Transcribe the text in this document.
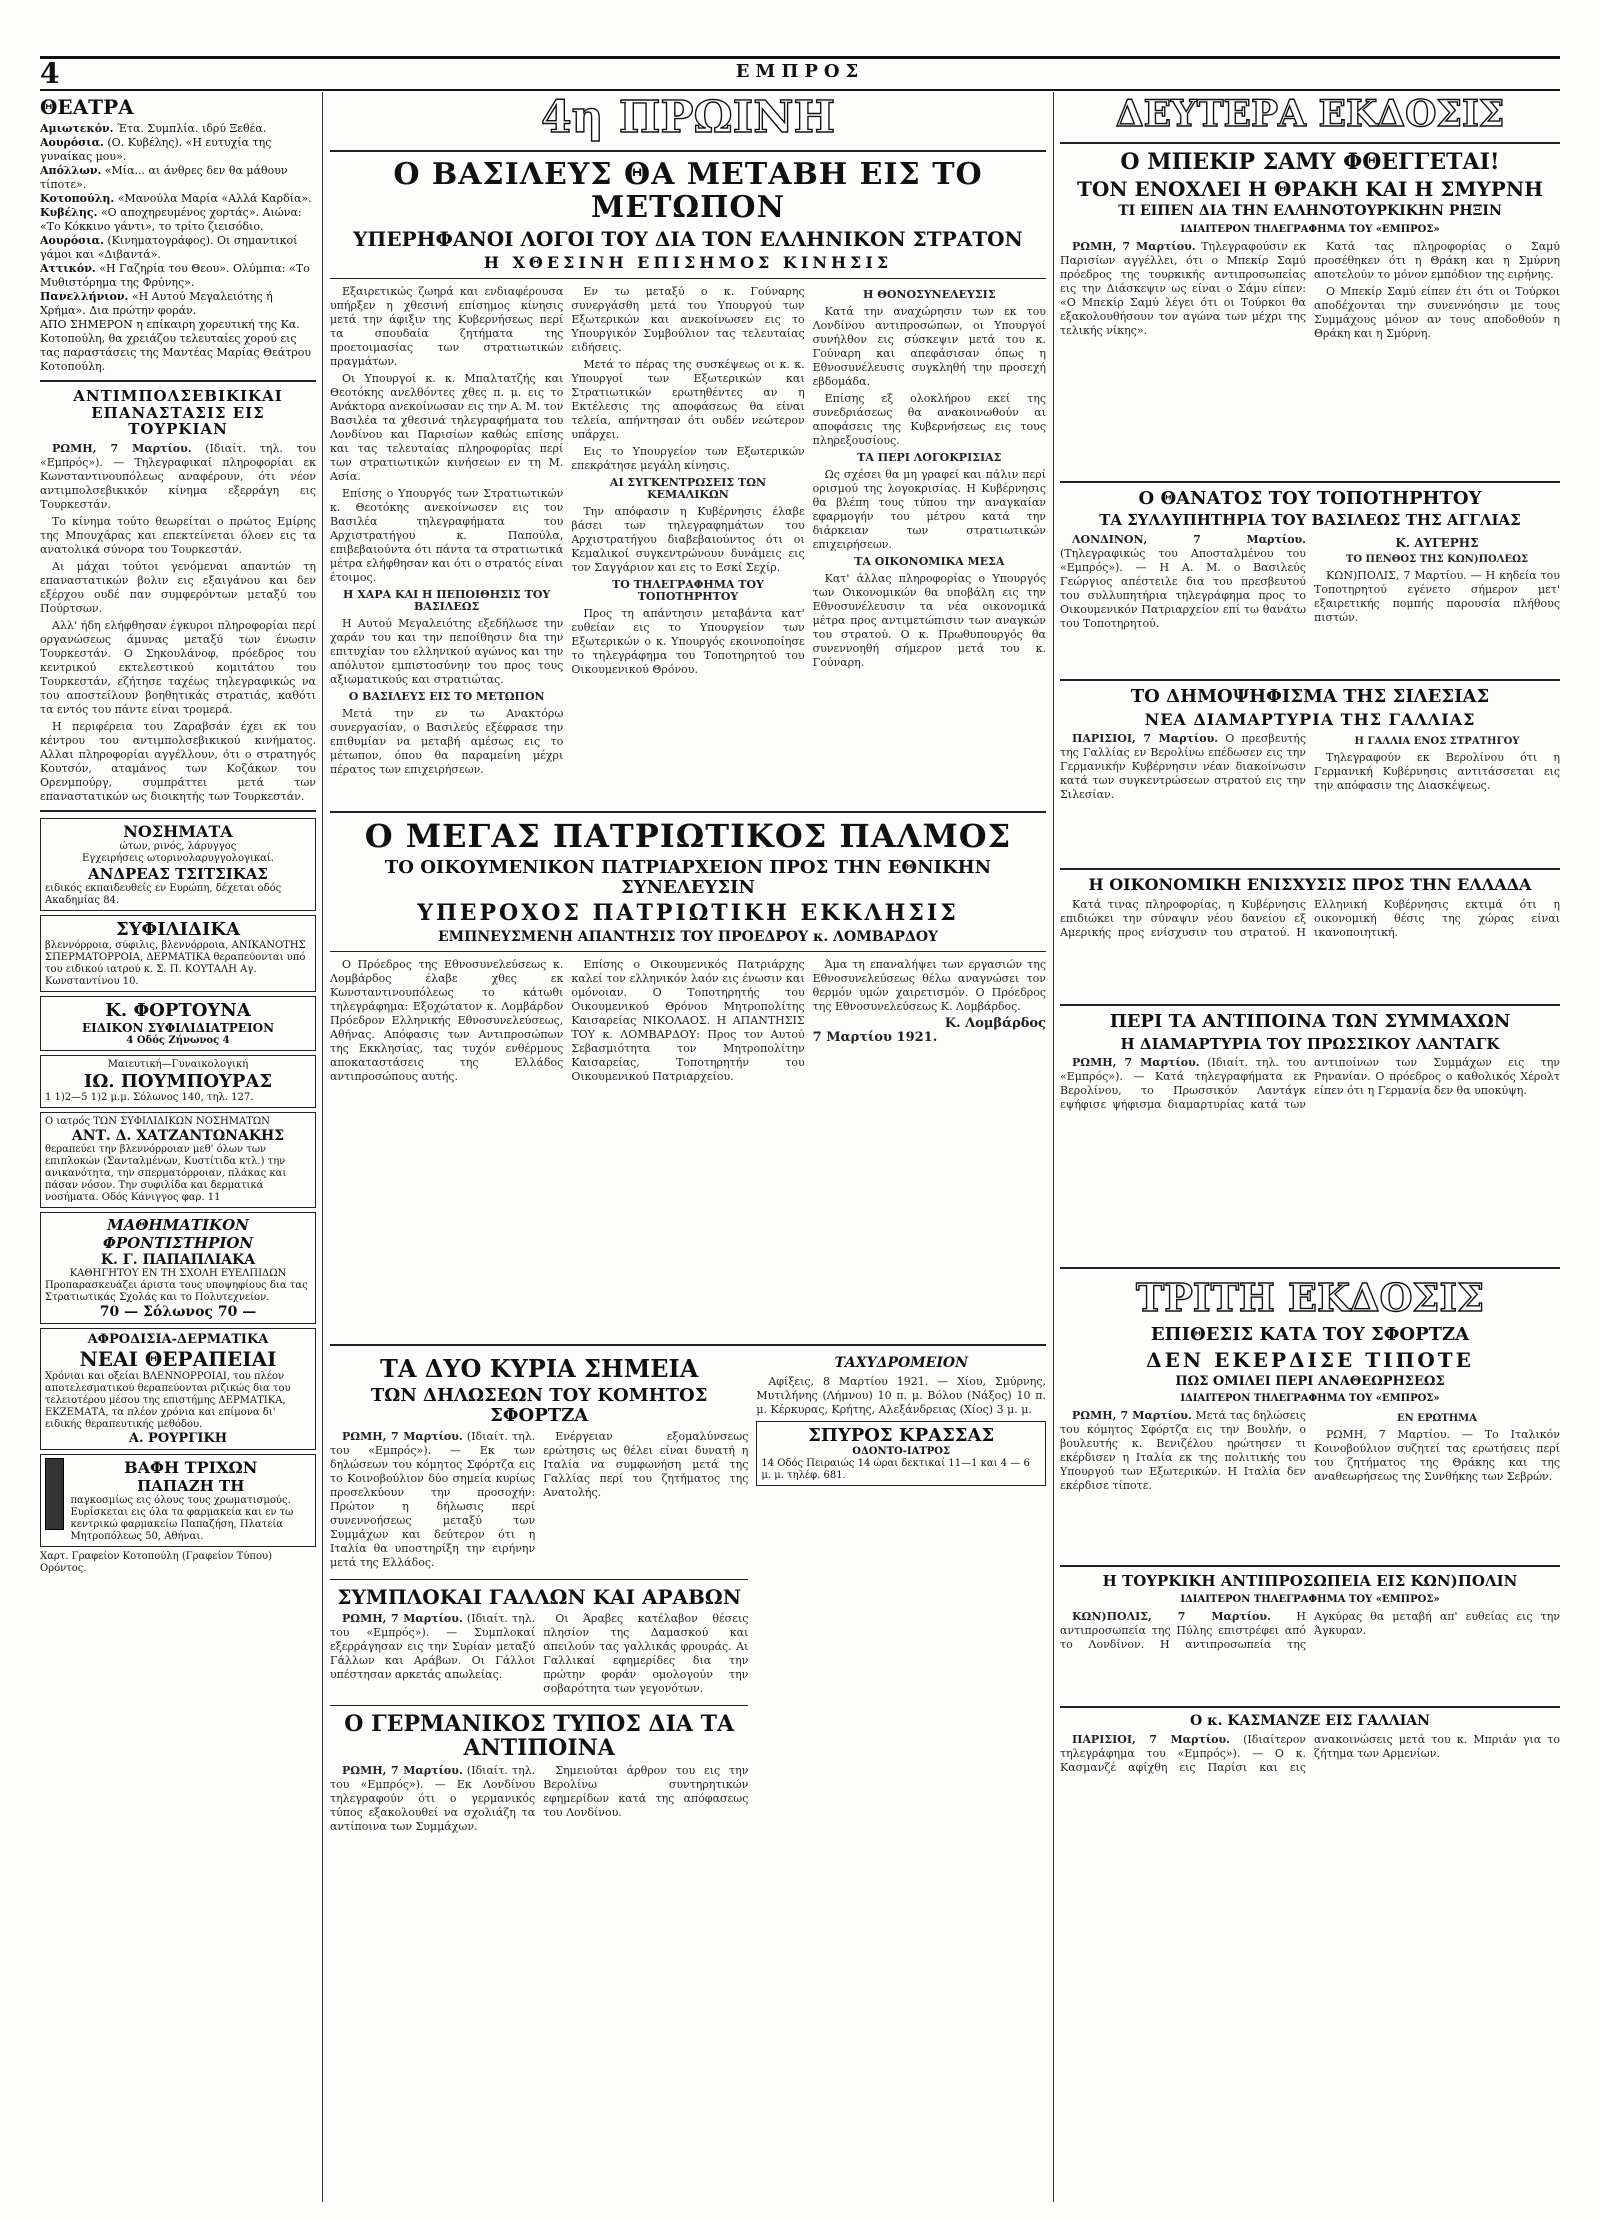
4	ΕΜΠΡΟΣ
ΘΕΑΤΡΑ
Αμιωτεκόν. Έτα. Συμπλία. ιδρύ Ξεθέα.
Αουρόσια. (Ο. Κυβέλης). «Η ευτυχία της γυναίκας μου».
Απόλλων. «Μία... αι άνθρες δεν θα μάθουν τίποτε».
Κοτοπούλη. «Μανούλα Μαρία «Αλλά Καρδία».
Κυβέλης. «Ο αποχηρευμένος χορτάς». Αιώνα: «Το Κόκκινο γάντι», το τρίτο ζιεισόδιο.
Αουρόσια. (Κινηματογράφος). Οι σημαντικοί γάμοι και «Διβαντά».
Αττικόν. «Η Γαζηρία του Θεου». Ολύμπια: «Το Μυθιστόρημα της Φρύνης».
Πανελλήνιον. «Η Αυτού Μεγαλειότης ή Χρήμα». Δια πρώτην φοράν.
ΑΠΟ ΣΗΜΕΡΟΝ η επίκαιρη χορευτική της Κα. Κοτοπούλη, θα χρειάζου τελευταίες χορού εις τας παραστάσεις της Μαντέας Μαρίας Θεάτρου Κοτοπούλη.
ΑΝΤΙΜΠΟΛΣΕΒΙΚΙΚΑΙ ΕΠΑΝΑΣΤΑΣΙΣ ΕΙΣ ΤΟΥΡΚΙΑΝ

ΡΩΜΗ, 7 Μαρτίου. (Ιδιαίτ. τηλ. του «Εμπρός»). — Τηλεγραφικαί πληροφορίαι εκ Κωνσταντινουπόλεως αναφέρουν, ότι νέον αντιμπολσεβικικόν κίνημα εξερράγη εις Τουρκεστάν.

Το κίνημα τούτο θεωρείται ο πρώτος Εμίρης της Μπουχάρας και επεκτείνεται όλοεν εις τα ανατολικά σύνορα του Τουρκεστάν.

Αι μάχαι τούτοι γενόμεναι απαντών τη επαναστατικών βολιν εις εξαιγάνου και δεν εξέρχου ουδέ παν συμφερόντων μεταξύ του Πούρτσων.

Αλλ' ήδη ελήφθησαν έγκυροι πληροφορίαι περί οργανώσεως άμυνας μεταξύ των ένωσιν Τουρκεστάν. Ο Σηκουλάνοφ, πρόεδρος του κεντρικού εκτελεστικού κομιτάτου του Τουρκεστάν, εζήτησε ταχέως τηλεγραφικώς να του αποστείλουν βοηθητικάς στρατιάς, καθότι τα εντός του πάντε είναι τρομερά.

Η περιφέρεια του Ζαραβσάν έχει εκ του κέντρου του αντιμπολσεβικικού κινήματος. Αλλαι πληροφορίαι αγγέλλουν, ότι ο στρατηγός Κουτσόν, αταμάνος των Κοζάκων του Ορενμπούργ, συμπράττει μετά των επαναστατικών ως διοικητής των Τουρκεστάν.

ΝΟΣΗΜΑΤΑ
ώτων, ρινός, λάρυγγος
Εγχειρήσεις ωτορινολαρυγγολογικαί.
ΑΝΔΡΕΑΣ ΤΣΙΤΣΙΚΑΣ
ειδικός εκπαιδευθείς εν Ευρώπη, δέχεται οδός Ακαδημίας 84.
ΣΥΦΙΛΙΔΙΚΑ
βλεννόρροια, σύφιλις, βλεννόρροια, ΑΝΙΚΑΝΟΤΗΣ ΣΠΕΡΜΑΤΟΡΡΟΙΑ, ΔΕΡΜΑΤΙΚΑ θεραπεύονται υπό του ειδικού ιατρού κ. Σ. Π. ΚΟΥΤΑΛΗ Αγ. Κωνσταντίνου 10.
Κ. ΦΟΡΤΟΥΝΑ
ΕΙΔΙΚΟΝ ΣΥΦΙΛΙΔΙΑΤΡΕΙΟΝ
4 Οδός Ζήνωνος 4
Μαιευτική—Γυναικολογική
ΙΩ. ΠΟΥΜΠΟΥΡΑΣ
1 1)2—5 1)2 μ.μ. Σόλωνος 140, τηλ. 127.
Ο ιατρός ΤΩΝ ΣΥΦΙΛΙΔΙΚΩΝ ΝΟΣΗΜΑΤΩΝ
ΑΝΤ. Δ. ΧΑΤΖΑΝΤΩΝΑΚΗΣ
θεραπεύει την βλεννόρροιαν μεθ' όλων των επιπλοκών (Σανταλμένων, Κυστίτιδα κτλ.) την ανικανότητα, την σπερματόρροιαν, πλάκας και πάσαν νόσον. Την συφιλίδα και δερματικά νοσήματα. Οδός Κάνιγγος φαρ. 11
ΜΑΘΗΜΑΤΙΚΟΝ ΦΡΟΝΤΙΣΤΗΡΙΟΝ
Κ. Γ. ΠΑΠΑΠΛΙΑΚΑ
ΚΑΘΗΓΗΤΟΥ ΕΝ ΤΗ ΣΧΟΛΗ ΕΥΕΛΠΙΔΩΝ
Προπαρασκευάζει άριστα τους υποψηφίους δια τας Στρατιωτικάς Σχολάς και το Πολυτεχνείον.
70 — Σόλωνος 70 —
ΑΦΡΟΔΙΣΙΑ-ΔΕΡΜΑΤΙΚΑ
ΝΕΑΙ ΘΕΡΑΠΕΙΑΙ
Χρόνιαι και οξείαι ΒΛΕΝΝΟΡΡΟΙΑΙ, του πλέον αποτελεσματικού θεραπεύονται ριζικώς δια του τελειοτέρου μέσου της επιστήμης ΔΕΡΜΑΤΙΚΑ, ΕΚΖΕΜΑΤΑ, τα πλέον χρόνια και επίμονα δι' ειδικής θεραπευτικής μεθόδου.
Α. ΡΟΥΡΓΙΚΗ
ΒΑΦΗ ΤΡΙΧΩΝ
ΠΑΠΑΖΗ ΤΗ
παγκοσμίως εις όλους τους χρωματισμούς. Ευρίσκεται εις όλα τα φαρμακεία και εν τω κεντρικώ φαρμακείω Παπαζήση, Πλατεία Μητροπόλεως 50, Αθήναι.
Χαρτ. Γραφείον Κοτοπούλη (Γραφείον Τύπου) Ορόντος.
4η ΠΡΩΙΝΗ
Ο ΒΑΣΙΛΕΥΣ ΘΑ ΜΕΤΑΒΗ ΕΙΣ ΤΟ ΜΕΤΩΠΟΝ
ΥΠΕΡΗΦΑΝΟΙ ΛΟΓΟΙ ΤΟΥ ΔΙΑ ΤΟΝ ΕΛΛΗΝΙΚΟΝ ΣΤΡΑΤΟΝ
Η ΧΘΕΣΙΝΗ ΕΠΙΣΗΜΟΣ ΚΙΝΗΣΙΣ

Εξαιρετικώς ζωηρά και ενδιαφέρουσα υπήρξεν η χθεσινή επίσημος κίνησις μετά την άφιξιν της Κυβερνήσεως περί τα σπουδαία ζητήματα της προετοιμασίας των στρατιωτικών πραγμάτων.

Οι Υπουργοί κ. κ. Μπαλτατζής και Θεοτόκης ανελθόντες χθες π. μ. εις το Ανάκτορα ανεκοίνωσαν εις την Α. Μ. τον Βασιλέα τα χθεσινά τηλεγραφήματα του Λονδίνου και Παρισίων καθώς επίσης και τας τελευταίας πληροφορίας περί των στρατιωτικών κινήσεων εν τη Μ. Ασία.

Επίσης ο Υπουργός των Στρατιωτικών κ. Θεοτόκης ανεκοίνωσεν εις τον Βασιλέα τηλεγραφήματα του Αρχιστρατήγου κ. Παπούλα, επιβεβαιούντα ότι πάντα τα στρατιωτικά μέτρα ελήφθησαν και ότι ο στρατός είναι έτοιμος.

Η ΧΑΡΑ ΚΑΙ Η ΠΕΠΟΙΘΗΣΙΣ ΤΟΥ ΒΑΣΙΛΕΩΣ

Η Αυτού Μεγαλειότης εξεδήλωσε την χαράν του και την πεποίθησιν δια την επιτυχίαν του ελληνικού αγώνος και την απόλυτον εμπιστοσύνην του προς τους αξιωματικούς και στρατιώτας.

Ο ΒΑΣΙΛΕΥΣ ΕΙΣ ΤΟ ΜΕΤΩΠΟΝ

Μετά την εν τω Ανακτόρω συνεργασίαν, ο Βασιλεύς εξέφρασε την επιθυμίαν να μεταβή αμέσως εις το μέτωπον, όπου θα παραμείνη μέχρι πέρατος των επιχειρήσεων.

Εν τω μεταξύ ο κ. Γούναρης συνεργάσθη μετά του Υπουργού των Εξωτερικών και ανεκοίνωσεν εις το Υπουργικόν Συμβούλιον τας τελευταίας ειδήσεις.

Μετά το πέρας της συσκέψεως οι κ. κ. Υπουργοί των Εξωτερικών και Στρατιωτικών ερωτηθέντες αν η Εκτέλεσις της αποφάσεως θα είναι τελεία, απήντησαν ότι ουδέν νεώτερον υπάρχει.

Εις το Υπουργείον των Εξωτερικών επεκράτησε μεγάλη κίνησις.

ΑΙ ΣΥΓΚΕΝΤΡΩΣΕΙΣ ΤΩΝ ΚΕΜΑΛΙΚΩΝ

Την απόφασιν η Κυβέρνησις έλαβε βάσει των τηλεγραφημάτων του Αρχιστρατήγου διαβεβαιούντος ότι οι Κεμαλικοί συγκεντρώνουν δυνάμεις εις τον Σαγγάριον και εις το Εσκί Σεχίρ.

ΤΟ ΤΗΛΕΓΡΑΦΗΜΑ ΤΟΥ ΤΟΠΟΤΗΡΗΤΟΥ

Προς τη απάντησιν μεταβάντα κατ' ευθείαν εις το Υπουργείον των Εξωτερικών ο κ. Υπουργός εκοινοποίησε το τηλεγράφημα του Τοποτηρητού του Οικουμενικού Θρόνου.

Η ΘΟΝΟΣΥΝΕΛΕΥΣΙΣ

Κατά την αναχώρησιν των εκ του Λονδίνου αντιπροσώπων, οι Υπουργοί συνήλθον εις σύσκεψιν μετά του κ. Γούναρη και απεφάσισαν όπως η Εθνοσυνέλευσις συγκληθή την προσεχή εβδομάδα.

Επίσης εξ ολοκλήρου εκεί της συνεδριάσεως θα ανακοινωθούν αι αποφάσεις της Κυβερνήσεως εις τους πληρεξουσίους.

ΤΑ ΠΕΡΙ ΛΟΓΟΚΡΙΣΙΑΣ

Ως σχέσει θα μη γραφεί και πάλιν περί ορισμού της λογοκρισίας. Η Κυβέρνησις θα βλέπη τους τύπου την αναγκαίαν εφαρμογήν του μέτρου κατά την διάρκειαν των στρατιωτικών επιχειρήσεων.

ΤΑ ΟΙΚΟΝΟΜΙΚΑ ΜΕΣΑ

Κατ' άλλας πληροφορίας ο Υπουργός των Οικονομικών θα υποβάλη εις την Εθνοσυνέλευσιν τα νέα οικονομικά μέτρα προς αντιμετώπισιν των αναγκών του στρατού. Ο κ. Πρωθυπουργός θα συνεννοηθή σήμερον μετά του κ. Γούναρη.

Ο ΜΕΓΑΣ ΠΑΤΡΙΩΤΙΚΟΣ ΠΑΛΜΟΣ
ΤΟ ΟΙΚΟΥΜΕΝΙΚΟΝ ΠΑΤΡΙΑΡΧΕΙΟΝ ΠΡΟΣ ΤΗΝ ΕΘΝΙΚΗΝ ΣΥΝΕΛΕΥΣΙΝ
ΥΠΕΡΟΧΟΣ ΠΑΤΡΙΩΤΙΚΗ ΕΚΚΛΗΣΙΣ
ΕΜΠΝΕΥΣΜΕΝΗ ΑΠΑΝΤΗΣΙΣ ΤΟΥ ΠΡΟΕΔΡΟΥ κ. ΛΟΜΒΑΡΔΟΥ

Ο Πρόεδρος της Εθνοσυνελεύσεως κ. Λομβάρδος έλαβε χθες εκ Κωνσταντινουπόλεως το κάτωθι τηλεγράφημα: Εξοχώτατον κ. Λομβάρδον Πρόεδρον Ελληνικής Εθνοσυνελεύσεως, Αθήνας. Απόφασις των Αντιπροσώπων της Εκκλησίας, τας τυχόν ενθέρμους αποκαταστάσεις της Ελλάδος αντιπροσώπους αυτής.

Επίσης ο Οικουμενικός Πατριάρχης καλεί τον ελληνικόν λαόν εις ένωσιν και ομόνοιαν. Ο Τοποτηρητής του Οικουμενικού Θρόνου Μητροπολίτης Καισαρείας ΝΙΚΟΛΑΟΣ. Η ΑΠΑΝΤΗΣΙΣ ΤΟΥ κ. ΛΟΜΒΑΡΔΟΥ: Προς τον Αυτού Σεβασμιότητα τον Μητροπολίτην Καισαρείας, Τοποτηρητήν του Οικουμενικού Πατριαρχείου.

Άμα τη επαναλήψει των εργασιών της Εθνοσυνελεύσεως θέλω αναγνώσει τον θερμόν υμών χαιρετισμόν. Ο Πρόεδρος της Εθνοσυνελεύσεως Κ. Λομβάρδος.

Κ. Λομβάρδος
7 Μαρτίου 1921.
ΤΑ ΔΥΟ ΚΥΡΙΑ ΣΗΜΕΙΑ
ΤΩΝ ΔΗΛΩΣΕΩΝ ΤΟΥ ΚΟΜΗΤΟΣ ΣΦΟΡΤΖΑ

ΡΩΜΗ, 7 Μαρτίου. (Ιδιαίτ. τηλ. του «Εμπρός»). — Εκ των δηλώσεων του κόμητος Σφόρτζα εις το Κοινοβούλιον δύο σημεία κυρίως προσελκύουν την προσοχήν: Πρώτον η δήλωσις περί συνεννοήσεως μεταξύ των Συμμάχων και δεύτερον ότι η Ιταλία θα υποστηρίξη την ειρήνην μετά της Ελλάδος.

Ενέργειαν εξομαλύνσεως ερώτησις ως θέλει είναι δυνατή η Ιταλία να συμφωνήση μετά της Γαλλίας περί του ζητήματος της Ανατολής.

ΣΥΜΠΛΟΚΑΙ ΓΑΛΛΩΝ ΚΑΙ ΑΡΑΒΩΝ

ΡΩΜΗ, 7 Μαρτίου. (Ιδιαίτ. τηλ. του «Εμπρός»). — Συμπλοκαί εξερράγησαν εις την Συρίαν μεταξύ Γάλλων και Αράβων. Οι Γάλλοι υπέστησαν αρκετάς απωλείας.

Οι Άραβες κατέλαβον θέσεις πλησίον της Δαμασκού και απειλούν τας γαλλικάς φρουράς. Αι Γαλλικαί εφημερίδες δια την πρώτην φοράν ομολογούν την σοβαρότητα των γεγονότων.

Ο ΓΕΡΜΑΝΙΚΟΣ ΤΥΠΟΣ ΔΙΑ ΤΑ ΑΝΤΙΠΟΙΝΑ

ΡΩΜΗ, 7 Μαρτίου. (Ιδιαίτ. τηλ. του «Εμπρός»). — Εκ Λονδίνου τηλεγραφούν ότι ο γερμανικός τύπος εξακολουθεί να σχολιάζη τα αντίποινα των Συμμάχων.

Σημειούται άρθρον του εις την Βερολίνω συντηρητικών εφημερίδων κατά της απόφασεως του Λονδίνου.

ΤΑΧΥΔΡΟΜΕΙΟΝ

Αφίξεις, 8 Μαρτίου 1921. — Χίου, Σμύρνης, Μυτιλήνης (Λήμνου) 10 π. μ. Βόλου (Νάξος) 10 π. μ. Κέρκυρας, Κρήτης, Αλεξάνδρειας (Χίος) 3 μ. μ.

ΣΠΥΡΟΣ ΚΡΑΣΣΑΣ
ΟΔΟΝΤΟ-ΙΑΤΡΟΣ
14 Οδός Πειραιώς 14 ώραι δεκτικαί 11—1 και 4 — 6 μ. μ. τηλέφ. 681.
ΔΕΥΤΕΡΑ ΕΚΔΟΣΙΣ
Ο ΜΠΕΚΙΡ ΣΑΜΥ ΦΘΕΓΓΕΤΑΙ!
ΤΟΝ ΕΝΟΧΛΕΙ Η ΘΡΑΚΗ ΚΑΙ Η ΣΜΥΡΝΗ
ΤΙ ΕΙΠΕΝ ΔΙΑ ΤΗΝ ΕΛΛΗΝΟΤΟΥΡΚΙΚΗΝ ΡΗΞΙΝ
ΙΔΙΑΙΤΕΡΟΝ ΤΗΛΕΓΡΑΦΗΜΑ ΤΟΥ «ΕΜΠΡΟΣ»

ΡΩΜΗ, 7 Μαρτίου. Τηλεγραφούσιν εκ Παρισίων αγγέλλει, ότι ο Μπεκίρ Σαμύ πρόεδρος της τουρκικής αντιπροσωπείας εις την Διάσκεψιν ως είναι ο Σάμυ είπεν: «Ο Μπεκίρ Σαμύ λέγει ότι οι Τούρκοι θα εξακολουθήσουν τον αγώνα των μέχρι της τελικής νίκης».

Κατά τας πληροφορίας ο Σαμύ προσέθηκεν ότι η Θράκη και η Σμύρνη αποτελούν το μόνον εμπόδιον της ειρήνης.

Ο Μπεκίρ Σαμύ είπεν έτι ότι οι Τούρκοι αποδέχονται την συνεννόησιν με τους Συμμάχους μόνον αν τους αποδοθούν η Θράκη και η Σμύρνη.

Ο ΘΑΝΑΤΟΣ ΤΟΥ ΤΟΠΟΤΗΡΗΤΟΥ
ΤΑ ΣΥΛΛΥΠΗΤΗΡΙΑ ΤΟΥ ΒΑΣΙΛΕΩΣ ΤΗΣ ΑΓΓΛΙΑΣ

ΛΟΝΔΙΝΟΝ, 7 Μαρτίου. (Τηλεγραφικώς του Αποσταλμένου του «Εμπρός»). — Η Α. Μ. ο Βασιλεύς Γεώργιος απέστειλε δια του πρεσβευτού του συλλυπητήρια τηλεγράφημα προς το Οικουμενικόν Πατριαρχείον επί τω θανάτω του Τοποτηρητού.

Κ. ΑΥΓΕΡΗΣ
ΤΟ ΠΕΝΘΟΣ ΤΗΣ ΚΩΝ)ΠΟΛΕΩΣ

ΚΩΝ)ΠΟΛΙΣ, 7 Μαρτίου. — Η κηδεία του Τοποτηρητού εγένετο σήμερον μετ' εξαιρετικής πομπής παρουσία πλήθους πιστών.

ΤΟ ΔΗΜΟΨΗΦΙΣΜΑ ΤΗΣ ΣΙΛΕΣΙΑΣ
ΝΕΑ ΔΙΑΜΑΡΤΥΡΙΑ ΤΗΣ ΓΑΛΛΙΑΣ

ΠΑΡΙΣΙΟΙ, 7 Μαρτίου. Ο πρεσβευτής της Γαλλίας εν Βερολίνω επέδωσεν εις την Γερμανικήν Κυβέρνησιν νέαν διακοίνωσιν κατά των συγκεντρώσεων στρατού εις την Σιλεσίαν.

Η ΓΑΛΛΙΑ ΕΝΟΣ ΣΤΡΑΤΗΓΟΥ

Τηλεγραφούν εκ Βερολίνου ότι η Γερμανική Κυβέρνησις αντιτάσσεται εις την απόφασιν της Διασκέψεως.

Η ΟΙΚΟΝΟΜΙΚΗ ΕΝΙΣΧΥΣΙΣ ΠΡΟΣ ΤΗΝ ΕΛΛΑΔΑ

Κατά τινας πληροφορίας, η Κυβέρνησις επιδιώκει την σύναψιν νέου δανείου εξ Αμερικής προς ενίσχυσιν του στρατού. Η Ελληνική Κυβέρνησις εκτιμά ότι η οικονομική θέσις της χώρας είναι ικανοποιητική.

ΠΕΡΙ ΤΑ ΑΝΤΙΠΟΙΝΑ ΤΩΝ ΣΥΜΜΑΧΩΝ
Η ΔΙΑΜΑΡΤΥΡΙΑ ΤΟΥ ΠΡΩΣΣΙΚΟΥ ΛΑΝΤΑΓΚ

ΡΩΜΗ, 7 Μαρτίου. (Ιδιαίτ. τηλ. του «Εμπρός»). — Κατά τηλεγραφήματα εκ Βερολίνου, το Πρωσσικόν Λαντάγκ εψήφισε ψήφισμα διαμαρτυρίας κατά των αντιποίνων των Συμμάχων εις την Ρηνανίαν. Ο πρόεδρος ο καθολικός Χέρολτ είπεν ότι η Γερμανία δεν θα υποκύψη.

ΤΡΙΤΗ ΕΚΔΟΣΙΣ
ΕΠΙΘΕΣΙΣ ΚΑΤΑ ΤΟΥ ΣΦΟΡΤΖΑ
ΔΕΝ ΕΚΕΡΔΙΣΕ ΤΙΠΟΤΕ
ΠΩΣ ΟΜΙΛΕΙ ΠΕΡΙ ΑΝΑΘΕΩΡΗΣΕΩΣ
ΙΔΙΑΙΤΕΡΟΝ ΤΗΛΕΓΡΑΦΗΜΑ ΤΟΥ «ΕΜΠΡΟΣ»

ΡΩΜΗ, 7 Μαρτίου. Μετά τας δηλώσεις του κόμητος Σφόρτζα εις την Βουλήν, ο βουλευτής κ. Βενιζέλου ηρώτησεν τι εκέρδισεν η Ιταλία εκ της πολιτικής του Υπουργού των Εξωτερικών. Η Ιταλία δεν εκέρδισε τίποτε.

ΕΝ ΕΡΩΤΗΜΑ

ΡΩΜΗ, 7 Μαρτίου. — Το Ιταλικόν Κοινοβούλιον συζητεί τας ερωτήσεις περί του ζητήματος της Θράκης και της αναθεωρήσεως της Συνθήκης των Σεβρών.

Η ΤΟΥΡΚΙΚΗ ΑΝΤΙΠΡΟΣΩΠΕΙΑ ΕΙΣ ΚΩΝ)ΠΟΛΙΝ
ΙΔΙΑΙΤΕΡΟΝ ΤΗΛΕΓΡΑΦΗΜΑ ΤΟΥ «ΕΜΠΡΟΣ»

ΚΩΝ)ΠΟΛΙΣ, 7 Μαρτίου. Η αντιπροσωπεία της Πύλης επιστρέφει από το Λονδίνον. Η αντιπροσωπεία της Αγκύρας θα μεταβή απ' ευθείας εις την Άγκυραν.

Ο κ. ΚΑΣΜΑΝΖΕ ΕΙΣ ΓΑΛΛΙΑΝ

ΠΑΡΙΣΙΟΙ, 7 Μαρτίου. (Ιδιαίτερον τηλεγράφημα του «Εμπρός»). — Ο κ. Κασμανζέ αφίχθη εις Παρίσι και εις ανακοινώσεις μετά του κ. Μπριάν για το ζήτημα των Αρμενίων.
